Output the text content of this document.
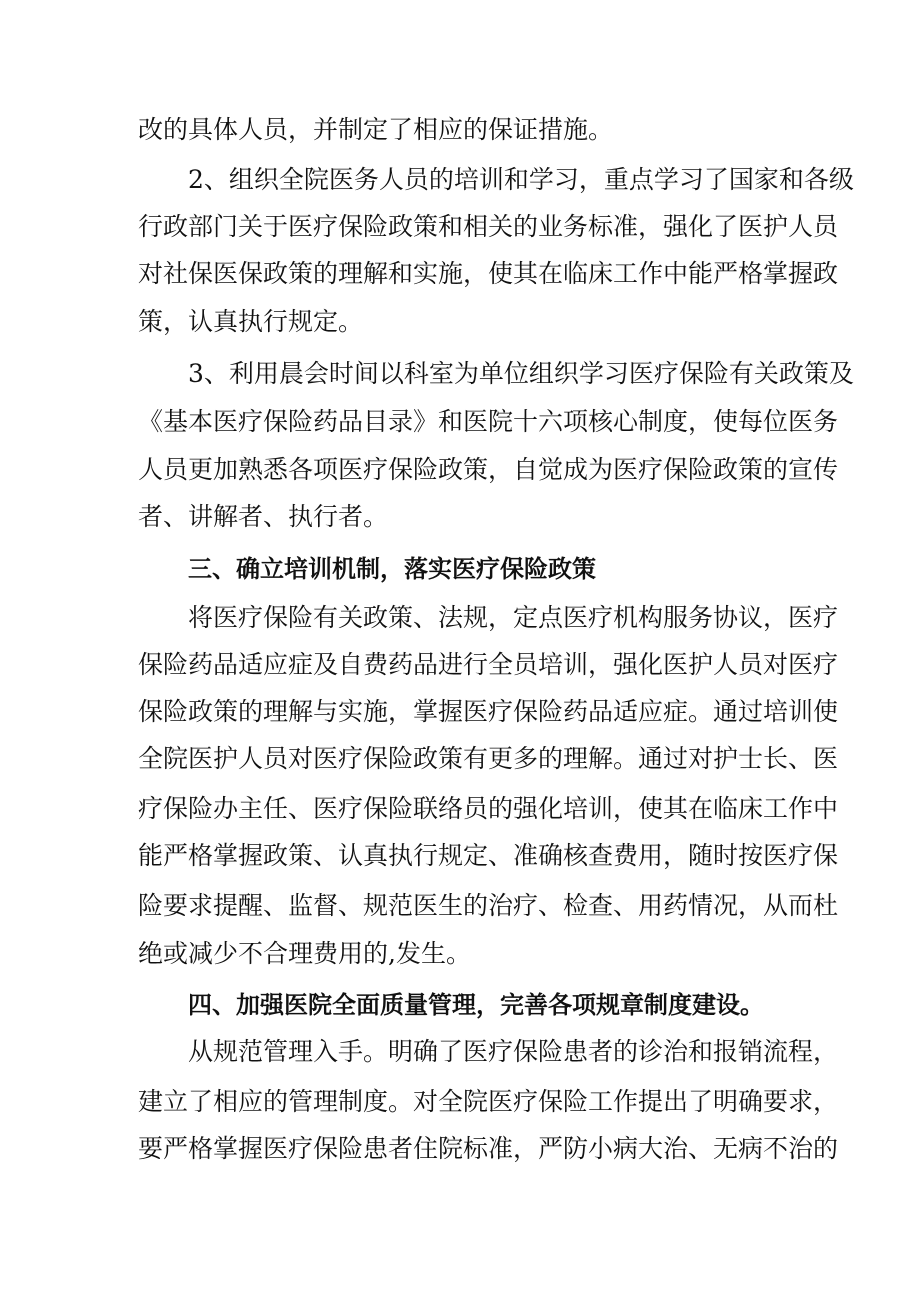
改的具体人员，并制定了相应的保证措施。
2、组织全院医务人员的培训和学习，重点学习了国家和各级
行政部门关于医疗保险政策和相关的业务标准，强化了医护人员
对社保医保政策的理解和实施，使其在临床工作中能严格掌握政
策，认真执行规定。
3、利用晨会时间以科室为单位组织学习医疗保险有关政策及
《基本医疗保险药品目录》和医院十六项核心制度，使每位医务
人员更加熟悉各项医疗保险政策，自觉成为医疗保险政策的宣传
者、讲解者、执行者。
三、确立培训机制，落实医疗保险政策
将医疗保险有关政策、法规，定点医疗机构服务协议，医疗
保险药品适应症及自费药品进行全员培训，强化医护人员对医疗
保险政策的理解与实施，掌握医疗保险药品适应症。通过培训使
全院医护人员对医疗保险政策有更多的理解。通过对护士长、医
疗保险办主任、医疗保险联络员的强化培训，使其在临床工作中
能严格掌握政策、认真执行规定、准确核查费用，随时按医疗保
险要求提醒、监督、规范医生的治疗、检查、用药情况，从而杜
绝或减少不合理费用的,发生。
四、加强医院全面质量管理，完善各项规章制度建设。
从规范管理入手。明确了医疗保险患者的诊治和报销流程，
建立了相应的管理制度。对全院医疗保险工作提出了明确要求，
要严格掌握医疗保险患者住院标准，严防小病大治、无病不治的
